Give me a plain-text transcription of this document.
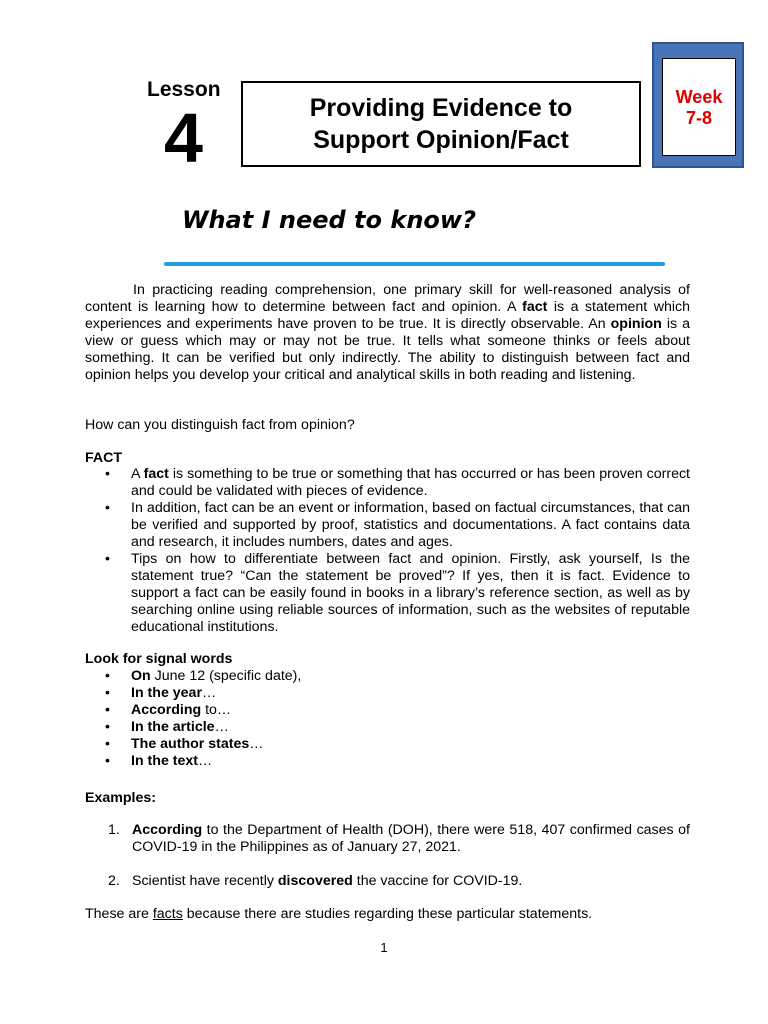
Lesson
4	Providing Evidence to
Support Opinion/Fact
Week
7-8
What I need to know?
In practicing reading comprehension, one primary skill for well-reasoned analysis of content is learning how to determine between fact and opinion. A fact is a statement which experiences and experiments have proven to be true. It is directly observable. An opinion is a view or guess which may or may not be true. It tells what someone thinks or feels about something. It can be verified but only indirectly. The ability to distinguish between fact and opinion helps you develop your critical and analytical skills in both reading and listening.
How can you distinguish fact from opinion?
FACT
• A fact is something to be true or something that has occurred or has been proven correct and could be validated with pieces of evidence.
• In addition, fact can be an event or information, based on factual circumstances, that can be verified and supported by proof, statistics and documentations. A fact contains data and research, it includes numbers, dates and ages.
• Tips on how to differentiate between fact and opinion. Firstly, ask yourself, Is the statement true? “Can the statement be proved”? If yes, then it is fact. Evidence to support a fact can be easily found in books in a library’s reference section, as well as by searching online using reliable sources of information, such as the websites of reputable educational institutions.
Look for signal words
• On June 12 (specific date),
• In the year…
• According to…
• In the article…
• The author states…
• In the text…
Examples:
1. According to the Department of Health (DOH), there were 518, 407 confirmed cases of COVID-19 in the Philippines as of January 27, 2021.
2. Scientist have recently discovered the vaccine for COVID-19.
These are facts because there are studies regarding these particular statements.
1
